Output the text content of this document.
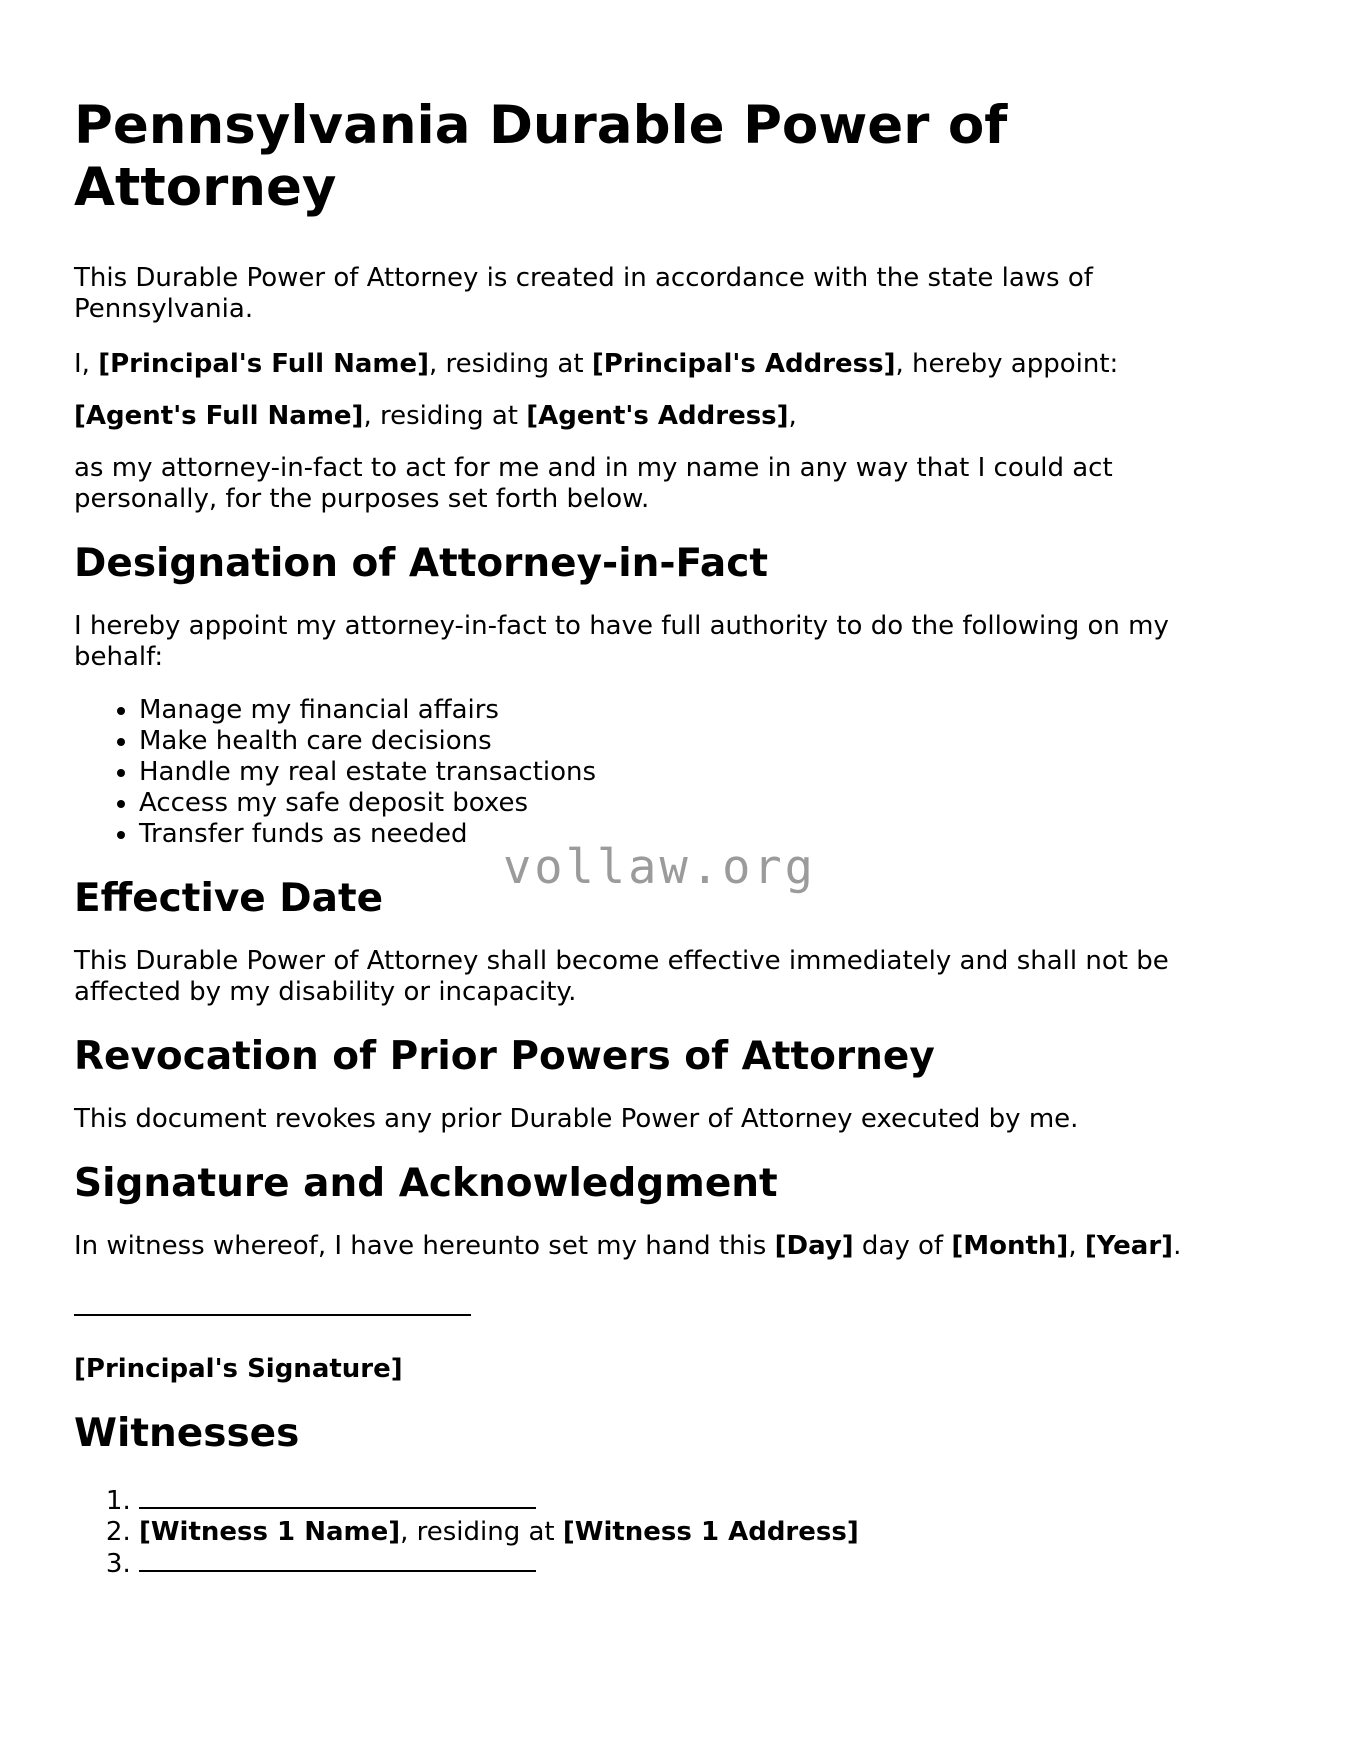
Pennsylvania Durable Power of Attorney

This Durable Power of Attorney is created in accordance with the state laws of Pennsylvania.

I, [Principal's Full Name], residing at [Principal's Address], hereby appoint:

[Agent's Full Name], residing at [Agent's Address],

as my attorney-in-fact to act for me and in my name in any way that I could act personally, for the purposes set forth below.

Designation of Attorney-in-Fact

I hereby appoint my attorney-in-fact to have full authority to do the following on my behalf:

• Manage my financial affairs
• Make health care decisions
• Handle my real estate transactions
• Access my safe deposit boxes
• Transfer funds as needed
Effective Date

This Durable Power of Attorney shall become effective immediately and shall not be affected by my disability or incapacity.

Revocation of Prior Powers of Attorney

This document revokes any prior Durable Power of Attorney executed by me.

Signature and Acknowledgment

In witness whereof, I have hereunto set my hand this [Day] day of [Month], [Year].

[Principal's Signature]

Witnesses
1.
2. [Witness 1 Name], residing at [Witness 1 Address]
3.
vollaw.org
